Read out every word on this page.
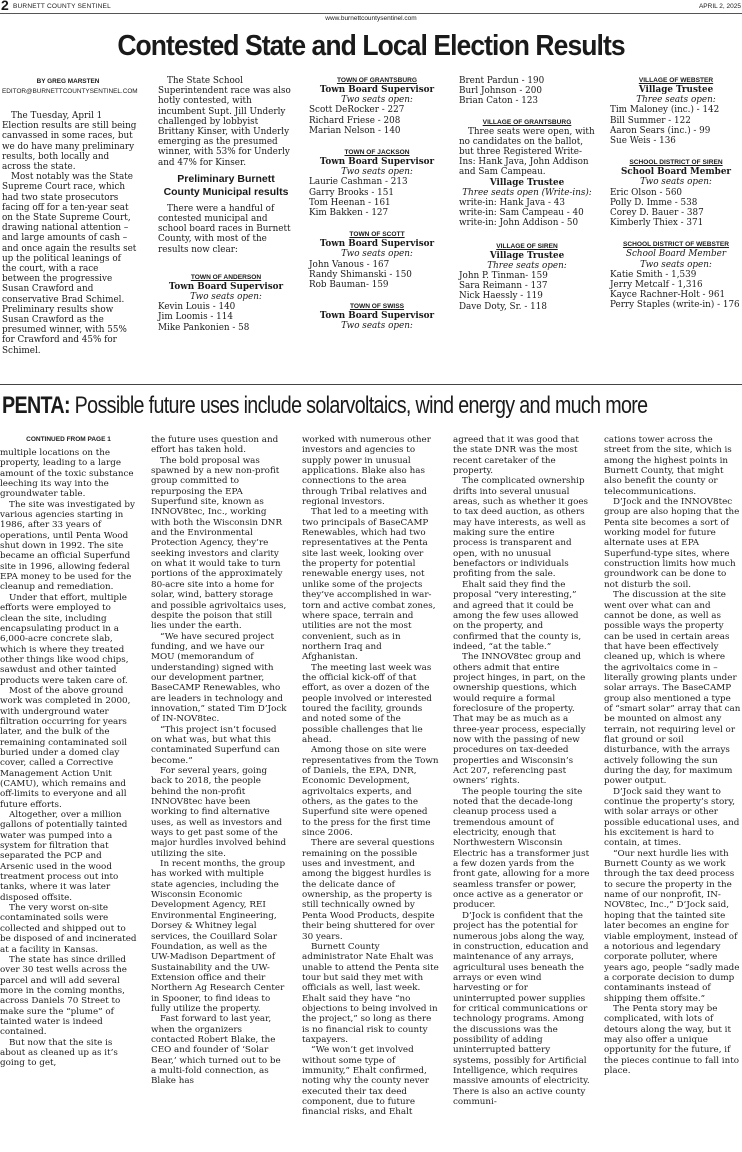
2 BURNETT COUNTY SENTINEL	APRIL 2, 2025
www.burnettcountysentinel.com
Contested State and Local Election Results
BY GREG MARSTEN
EDITOR@BURNETTCOUNTYSENTINEL.COM

The Tuesday, April 1 Election results are still being canvassed in some races, but we do have many preliminary results, both locally and across the state.

Most notably was the State Supreme Court race, which had two state prosecutors facing off for a ten-year seat on the State Supreme Court, drawing national attention – and large amounts of cash – and once again the results set up the political leanings of the court, with a race between the progressive Susan Crawford and conservative Brad Schimel. Preliminary results show Susan Crawford as the presumed winner, with 55% for Crawford and 45% for Schimel.

The State School Superintendent race was also hotly contested, with incumbent Supt. Jill Underly challenged by lobbyist Brittany Kinser, with Underly emerging as the presumed winner, with 53% for Underly and 47% for Kinser.

Preliminary Burnett County Municipal results

There were a handful of contested municipal and school board races in Burnett County, with most of the results now clear:

TOWN OF ANDERSON
Town Board Supervisor
Two seats open:
Kevin Louis - 140
Jim Loomis - 114
Mike Pankonien - 58
TOWN OF GRANTSBURG
Town Board Supervisor
Two seats open:
Scott DeRocker - 227
Richard Friese - 208
Marian Nelson - 140
TOWN OF JACKSON
Town Board Supervisor
Two seats open:
Laurie Cashman - 213
Garry Brooks - 151
Tom Heenan - 161
Kim Bakken - 127
TOWN OF SCOTT
Town Board Supervisor
Two seats open:
John Vanous - 167
Randy Shimanski - 150
Rob Bauman- 159
TOWN OF SWISS
Town Board Supervisor
Two seats open:
Brent Pardun - 190
Burl Johnson - 200
Brian Caton - 123
VILLAGE OF GRANTSBURG

Three seats were open, with no candidates on the ballot, but three Registered Write-Ins: Hank Java, John Addison and Sam Campeau.

Village Trustee
Three seats open (Write-ins):
write-in: Hank Java - 43
write-in: Sam Campeau - 40
write-in: John Addison - 50
VILLAGE OF SIREN
Village Trustee
Three seats open:
John P. Tinman- 159
Sara Reimann - 137
Nick Haessly - 119
Dave Doty, Sr. - 118
VILLAGE OF WEBSTER
Village Trustee
Three seats open:
Tim Maloney (inc.) - 142
Bill Summer - 122
Aaron Sears (inc.) - 99
Sue Weis - 136
SCHOOL DISTRICT OF SIREN
School Board Member
Two seats open:
Eric Olson - 560
Polly D. Imme - 538
Corey D. Bauer - 387
Kimberly Thiex - 371
SCHOOL DISTRICT OF WEBSTER
School Board Member
Two seats open:
Katie Smith - 1,539
Jerry Metcalf - 1,316
Kayce Rachner-Holt - 961
Perry Staples (write-in) - 176
PENTA: Possible future uses include solarvoltaics, wind energy and much more
CONTINUED FROM PAGE 1

multiple locations on the property, leading to a large amount of the toxic substance leeching its way into the groundwater table.

The site was investigated by various agencies starting in 1986, after 33 years of operations, until Penta Wood shut down in 1992. The site became an official Superfund site in 1996, allowing federal EPA money to be used for the cleanup and remediation.

Under that effort, multiple efforts were employed to clean the site, including encapsulating product in a 6,000-acre concrete slab, which is where they treated other things like wood chips, sawdust and other tainted products were taken care of.

Most of the above ground work was completed in 2000, with underground water filtration occurring for years later, and the bulk of the remaining contaminated soil buried under a domed clay cover, called a Corrective Management Action Unit (CAMU), which remains and off-limits to everyone and all future efforts.

Altogether, over a million gallons of potentially tainted water was pumped into a system for filtration that separated the PCP and Arsenic used in the wood treatment process out into tanks, where it was later disposed offsite.

The very worst on-site contaminated soils were collected and shipped out to be disposed of and incinerated at a facility in Kansas.

The state has since drilled over 30 test wells across the parcel and will add several more in the coming months, across Daniels 70 Street to make sure the “plume” of tainted water is indeed contained.

But now that the site is about as cleaned up as it’s going to get,

the future uses question and effort has taken hold.

The bold proposal was spawned by a new non-profit group committed to repurposing the EPA Superfund site, known as INNOV8tec, Inc., working with both the Wisconsin DNR and the Environmental Protection Agency, they’re seeking investors and clarity on what it would take to turn portions of the approximately 80-acre site into a home for solar, wind, battery storage and possible agrivoltaics uses, despite the poison that still lies under the earth.

“We have secured project funding, and we have our MOU (memorandum of understanding) signed with our development partner, BaseCAMP Renewables, who are leaders in technology and innovation,” stated Tim D’Jock of IN-NOV8tec.

“This project isn’t focused on what was, but what this contaminated Superfund can become.”

For several years, going back to 2018, the people behind the non-profit INNOV8tec have been working to find alternative uses, as well as investors and ways to get past some of the major hurdles involved behind utilizing the site.

In recent months, the group has worked with multiple state agencies, including the Wisconsin Economic Development Agency, REI Environmental Engineering, Dorsey & Whitney legal services, the Couillard Solar Foundation, as well as the UW-Madison Department of Sustainability and the UW-Extension office and their Northern Ag Research Center in Spooner, to find ideas to fully utilize the property.

Fast forward to last year, when the organizers contacted Robert Blake, the CEO and founder of ‘Solar Bear,’ which turned out to be a multi-fold connection, as Blake has

worked with numerous other investors and agencies to supply power in unusual applications. Blake also has connections to the area through Tribal relatives and regional investors.

That led to a meeting with two principals of BaseCAMP Renewables, which had two representatives at the Penta site last week, looking over the property for potential renewable energy uses, not unlike some of the projects they’ve accomplished in war-torn and active combat zones, where space, terrain and utilities are not the most convenient, such as in northern Iraq and Afghanistan.

The meeting last week was the official kick-off of that effort, as over a dozen of the people involved or interested toured the facility, grounds and noted some of the possible challenges that lie ahead.

Among those on site were representatives from the Town of Daniels, the EPA, DNR, Economic Development, agrivoltaics experts, and others, as the gates to the Superfund site were opened to the press for the first time since 2006.

There are several questions remaining on the possible uses and investment, and among the biggest hurdles is the delicate dance of ownership, as the property is still technically owned by Penta Wood Products, despite their being shuttered for over 30 years.

Burnett County administrator Nate Ehalt was unable to attend the Penta site tour but said they met with officials as well, last week. Ehalt said they have “no objections to being involved in the project,” so long as there is no financial risk to county taxpayers.

“We won’t get involved without some type of immunity,” Ehalt confirmed, noting why the county never executed their tax deed component, due to future financial risks, and Ehalt

agreed that it was good that the state DNR was the most recent caretaker of the property.

The complicated ownership drifts into several unusual areas, such as whether it goes to tax deed auction, as others may have interests, as well as making sure the entire process is transparent and open, with no unusual benefactors or individuals profiting from the sale.

Ehalt said they find the proposal “very interesting,” and agreed that it could be among the few uses allowed on the property, and confirmed that the county is, indeed, “at the table.”

The INNOV8tec group and others admit that entire project hinges, in part, on the ownership questions, which would require a formal foreclosure of the property. That may be as much as a three-year process, especially now with the passing of new procedures on tax-deeded properties and Wisconsin’s Act 207, referencing past owners’ rights.

The people touring the site noted that the decade-long cleanup process used a tremendous amount of electricity, enough that Northwestern Wisconsin Electric has a transformer just a few dozen yards from the front gate, allowing for a more seamless transfer or power, once active as a generator or producer.

D’Jock is confident that the project has the potential for numerous jobs along the way, in construction, education and maintenance of any arrays, agricultural uses beneath the arrays or even wind harvesting or for uninterrupted power supplies for critical communications or technology programs. Among the discussions was the possibility of adding uninterrupted battery systems, possibly for Artificial Intelligence, which requires massive amounts of electricity. There is also an active county communi-

cations tower across the street from the site, which is among the highest points in Burnett County, that might also benefit the county or telecommunications.

D’Jock and the INNOV8tec group are also hoping that the Penta site becomes a sort of working model for future alternate uses at EPA Superfund-type sites, where construction limits how much groundwork can be done to not disturb the soil.

The discussion at the site went over what can and cannot be done, as well as possible ways the property can be used in certain areas that have been effectively cleaned up, which is where the agrivoltaics come in – literally growing plants under solar arrays. The BaseCAMP group also mentioned a type of “smart solar” array that can be mounted on almost any terrain, not requiring level or flat ground or soil disturbance, with the arrays actively following the sun during the day, for maximum power output.

D’Jock said they want to continue the property’s story, with solar arrays or other possible educational uses, and his excitement is hard to contain, at times.

“Our next hurdle lies with Burnett County as we work through the tax deed process to secure the property in the name of our nonprofit, IN-NOV8tec, Inc.,” D’Jock said, hoping that the tainted site later becomes an engine for viable employment, instead of a notorious and legendary corporate polluter, where years ago, people “sadly made a corporate decision to dump contaminants instead of shipping them offsite.”

The Penta story may be complicated, with lots of detours along the way, but it may also offer a unique opportunity for the future, if the pieces continue to fall into place.
